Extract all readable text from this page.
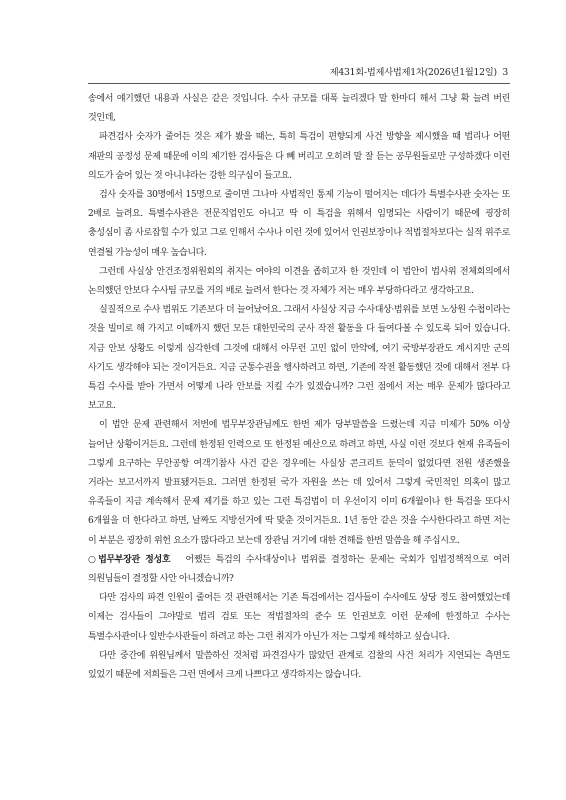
제431회-법제사법제1차(2026년1월12일) 3

송에서 얘기했던 내용과 사실은 같은 것입니다. 수사 규모를 대폭 늘리겠다 말 한마디 해서 그냥 확 늘려 버린 것인데,

파견검사 숫자가 줄어든 것은 제가 봤을 때는, 특히 특검이 편향되게 사건 방향을 제시했을 때 법리나 어떤 재판의 공정성 문제 때문에 이의 제기한 검사들은 다 빼 버리고 오히려 말 잘 듣는 공무원들로만 구성하겠다 이런 의도가 숨어 있는 것 아니냐라는 강한 의구심이 들고요.

검사 숫자를 30명에서 15명으로 줄이면 그나마 사법적인 통제 기능이 떨어지는 데다가 특별수사관 숫자는 또 2배로 늘려요. 특별수사관은 전문직업인도 아니고 딱 이 특검을 위해서 임명되는 사람이기 때문에 굉장히 충성심이 좀 사로잡힐 수가 있고 그로 인해서 수사나 이런 것에 있어서 인권보장이나 적법절차보다는 실적 위주로 연결될 가능성이 매우 높습니다.

그런데 사실상 안건조정위원회의 취지는 여야의 이견을 좁히고자 한 것인데 이 법안이 법사위 전체회의에서 논의했던 안보다 수사팀 규모를 거의 배로 늘려서 한다는 것 자체가 저는 매우 부당하다라고 생각하고요.

실질적으로 수사 범위도 기존보다 더 늘어났어요. 그래서 사실상 지금 수사대상·범위를 보면 노상원 수첩이라는 것을 빌미로 해 가지고 이때까지 했던 모든 대한민국의 군사 작전 활동을 다 들여다볼 수 있도록 되어 있습니다. 지금 안보 상황도 이렇게 심각한데 그것에 대해서 아무런 고민 없이 만약에, 여기 국방부장관도 계시지만 군의 사기도 생각해야 되는 것이거든요. 지금 군통수권을 행사하려고 하면, 기존에 작전 활동했던 것에 대해서 전부 다 특검 수사를 받아 가면서 어떻게 나라 안보를 지킬 수가 있겠습니까? 그런 점에서 저는 매우 문제가 많다라고 보고요.

이 법안 문제 관련해서 저번에 법무부장관님께도 한번 제가 당부말씀을 드렸는데 지금 미제가 50% 이상 늘어난 상황이거든요. 그런데 한정된 인력으로 또 한정된 예산으로 하려고 하면, 사실 이런 것보다 현재 유족들이 그렇게 요구하는 무안공항 여객기참사 사건 같은 경우에는 사실상 콘크리트 둔덕이 없었다면 전원 생존했을 거라는 보고서까지 발표됐거든요. 그러면 한정된 국가 자원을 쓰는 데 있어서 그렇게 국민적인 의혹이 많고 유족들이 지금 계속해서 문제 제기를 하고 있는 그런 특검법이 더 우선이지 이미 6개월이나 한 특검을 또다시 6개월을 더 한다라고 하면, 날짜도 지방선거에 딱 맞춘 것이거든요. 1년 동안 같은 것을 수사한다라고 하면 저는 이 부분은 굉장히 위헌 요소가 많다라고 보는데 장관님 거기에 대한 견해를 한번 말씀을 해 주십시오.

○법무부장관 정성호 어쨌든 특검의 수사대상이나 범위를 결정하는 문제는 국회가 입법정책적으로 여러 의원님들이 결정할 사안 아니겠습니까?

다만 검사의 파견 인원이 줄어든 것 관련해서는 기존 특검에서는 검사들이 수사에도 상당 정도 참여했었는데 이제는 검사들이 그야말로 법리 검토 또는 적법절차의 준수 또 인권보호 이런 문제에 한정하고 수사는 특별수사관이나 일반수사관들이 하려고 하는 그런 취지가 아닌가 저는 그렇게 해석하고 싶습니다.

다만 중간에 위원님께서 말씀하신 것처럼 파견검사가 많았던 관계로 검찰의 사건 처리가 지연되는 측면도 있었기 때문에 저희들은 그런 면에서 크게 나쁘다고 생각하지는 않습니다.
